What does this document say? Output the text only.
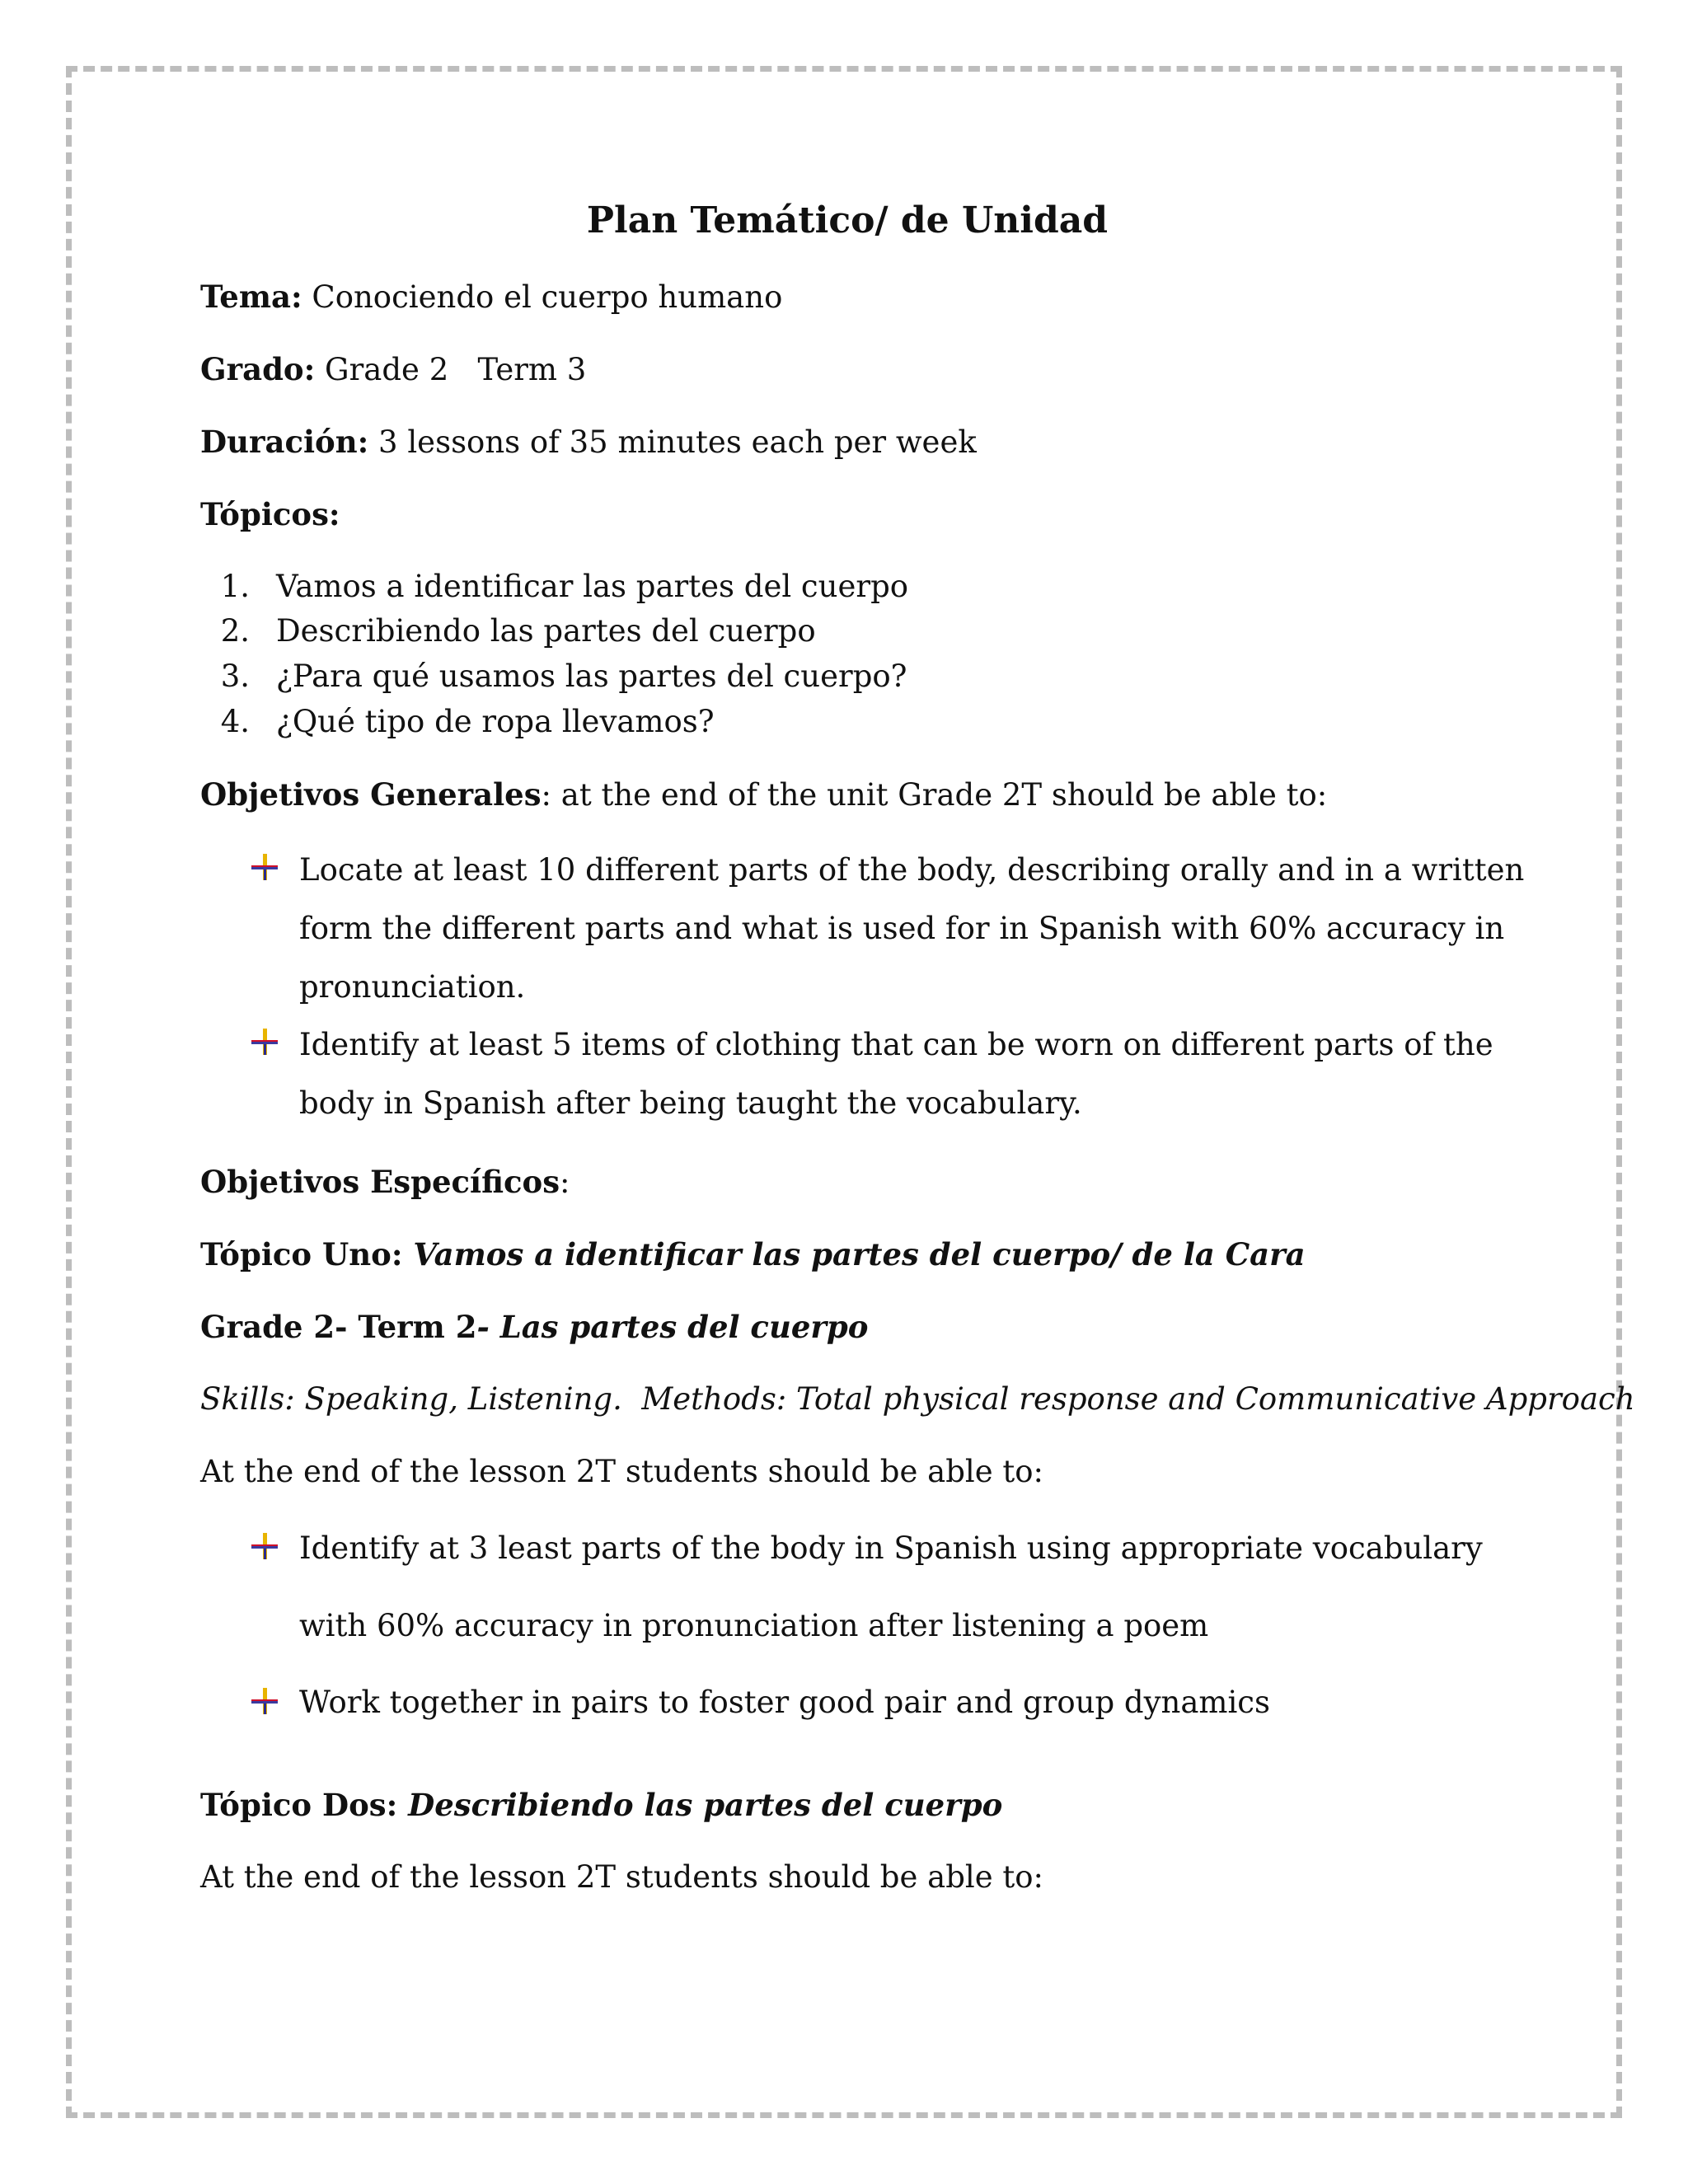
Plan Temático/ de Unidad
Tema: Conociendo el cuerpo humano
Grado: Grade 2   Term 3
Duración: 3 lessons of 35 minutes each per week
Tópicos:
1. Vamos a identificar las partes del cuerpo
2. Describiendo las partes del cuerpo
3. ¿Para qué usamos las partes del cuerpo?
4. ¿Qué tipo de ropa llevamos?
Objetivos Generales: at the end of the unit Grade 2T should be able to:
Locate at least 10 different parts of the body, describing orally and in a written form the different parts and what is used for in Spanish with 60% accuracy in pronunciation.
Identify at least 5 items of clothing that can be worn on different parts of the body in Spanish after being taught the vocabulary.
Objetivos Específicos:
Tópico Uno: Vamos a identificar las partes del cuerpo/ de la Cara
Grade 2- Term 2- Las partes del cuerpo
Skills: Speaking, Listening.  Methods: Total physical response and Communicative Approach
At the end of the lesson 2T students should be able to:
Identify at 3 least parts of the body in Spanish using appropriate vocabulary with 60% accuracy in pronunciation after listening a poem
Work together in pairs to foster good pair and group dynamics
Tópico Dos: Describiendo las partes del cuerpo
At the end of the lesson 2T students should be able to:
